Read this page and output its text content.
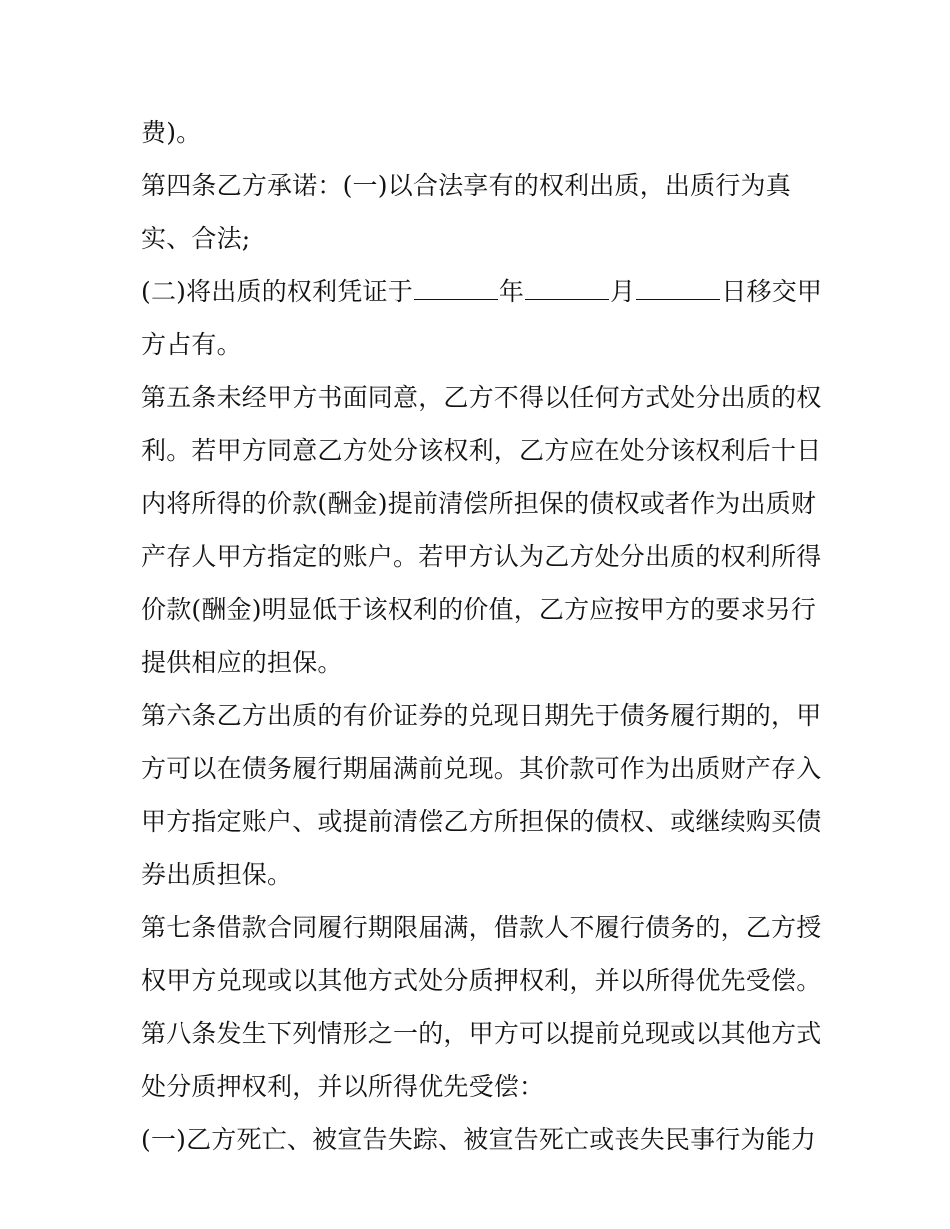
费)。
第四条乙方承诺：(一)以合法享有的权利出质，出质行为真
实、合法;
(二)将出质的权利凭证于	年	月	日移交甲
方占有。
第五条未经甲方书面同意，乙方不得以任何方式处分出质的权
利。若甲方同意乙方处分该权利，乙方应在处分该权利后十日
内将所得的价款(酬金)提前清偿所担保的债权或者作为出质财
产存人甲方指定的账户。若甲方认为乙方处分出质的权利所得
价款(酬金)明显低于该权利的价值，乙方应按甲方的要求另行
提供相应的担保。
第六条乙方出质的有价证券的兑现日期先于债务履行期的，甲
方可以在债务履行期届满前兑现。其价款可作为出质财产存入
甲方指定账户、或提前清偿乙方所担保的债权、或继续购买债
券出质担保。
第七条借款合同履行期限届满，借款人不履行债务的，乙方授
权甲方兑现或以其他方式处分质押权利，并以所得优先受偿。
第八条发生下列情形之一的，甲方可以提前兑现或以其他方式
处分质押权利，并以所得优先受偿：
(一)乙方死亡、被宣告失踪、被宣告死亡或丧失民事行为能力
